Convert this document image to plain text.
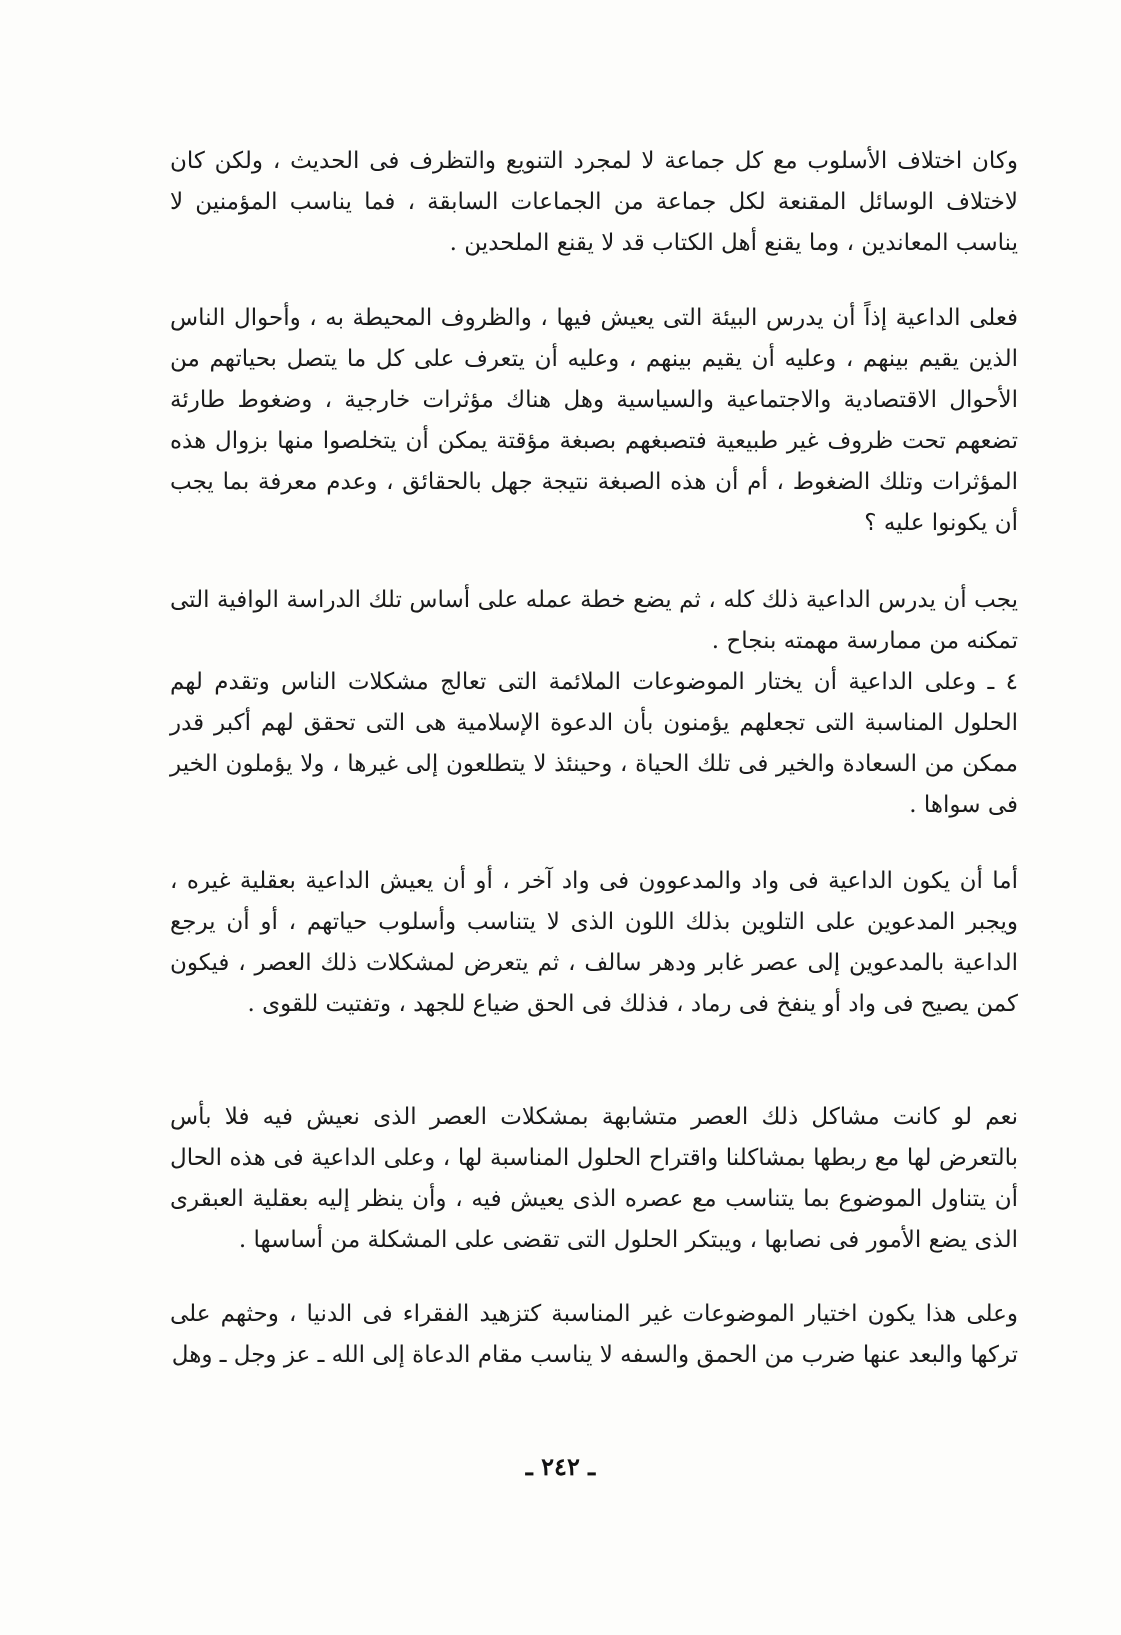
وكان اختلاف الأسلوب مع كل جماعة لا لمجرد التنويع والتظرف فى الحديث ، ولكن كان لاختلاف الوسائل المقنعة لكل جماعة من الجماعات السابقة ، فما يناسب المؤمنين لا يناسب المعاندين ، وما يقنع أهل الكتاب قد لا يقنع الملحدين .

فعلى الداعية إذاً أن يدرس البيئة التى يعيش فيها ، والظروف المحيطة به ، وأحوال الناس الذين يقيم بينهم ، وعليه أن يقيم بينهم ، وعليه أن يتعرف على كل ما يتصل بحياتهم من الأحوال الاقتصادية والاجتماعية والسياسية وهل هناك مؤثرات خارجية ، وضغوط طارئة تضعهم تحت ظروف غير طبيعية فتصبغهم بصبغة مؤقتة يمكن أن يتخلصوا منها بزوال هذه المؤثرات وتلك الضغوط ، أم أن هذه الصبغة نتيجة جهل بالحقائق ، وعدم معرفة بما يجب أن يكونوا عليه ؟

يجب أن يدرس الداعية ذلك كله ، ثم يضع خطة عمله على أساس تلك الدراسة الوافية التى تمكنه من ممارسة مهمته بنجاح .

٤ ـ وعلى الداعية أن يختار الموضوعات الملائمة التى تعالج مشكلات الناس وتقدم لهم الحلول المناسبة التى تجعلهم يؤمنون بأن الدعوة الإسلامية هى التى تحقق لهم أكبر قدر ممكن من السعادة والخير فى تلك الحياة ، وحينئذ لا يتطلعون إلى غيرها ، ولا يؤملون الخير فى سواها .

أما أن يكون الداعية فى واد والمدعوون فى واد آخر ، أو أن يعيش الداعية بعقلية غيره ، ويجبر المدعوين على التلوين بذلك اللون الذى لا يتناسب وأسلوب حياتهم ، أو أن يرجع الداعية بالمدعوين إلى عصر غابر ودهر سالف ، ثم يتعرض لمشكلات ذلك العصر ، فيكون كمن يصيح فى واد أو ينفخ فى رماد ، فذلك فى الحق ضياع للجهد ، وتفتيت للقوى .

نعم لو كانت مشاكل ذلك العصر متشابهة بمشكلات العصر الذى نعيش فيه فلا بأس بالتعرض لها مع ربطها بمشاكلنا واقتراح الحلول المناسبة لها ، وعلى الداعية فى هذه الحال أن يتناول الموضوع بما يتناسب مع عصره الذى يعيش فيه ، وأن ينظر إليه بعقلية العبقرى الذى يضع الأمور فى نصابها ، ويبتكر الحلول التى تقضى على المشكلة من أساسها .

وعلى هذا يكون اختيار الموضوعات غير المناسبة كتزهيد الفقراء فى الدنيا ، وحثهم على تركها والبعد عنها ضرب من الحمق والسفه لا يناسب مقام الدعاة إلى الله ـ عز وجل ـ وهل

ـ ٢٤٢ ـ
